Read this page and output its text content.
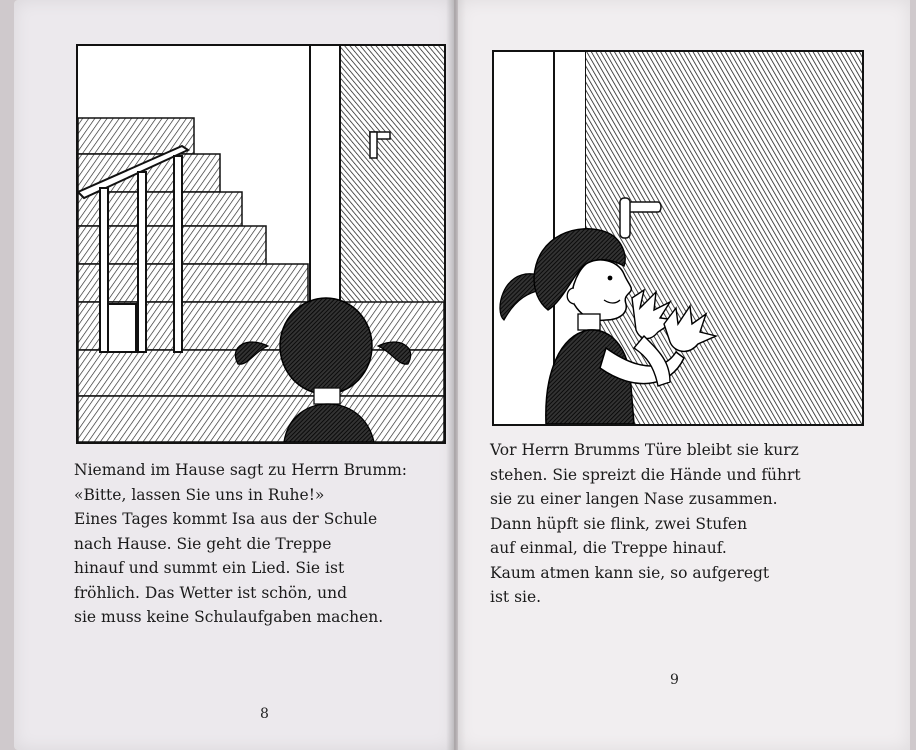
Niemand im Hause sagt zu Herrn Brumm:
«Bitte, lassen Sie uns in Ruhe!»
Eines Tages kommt Isa aus der Schule
nach Hause. Sie geht die Treppe
hinauf und summt ein Lied. Sie ist
fröhlich. Das Wetter ist schön, und
sie muss keine Schulaufgaben machen.

8

Vor Herrn Brumms Türe bleibt sie kurz
stehen. Sie spreizt die Hände und führt
sie zu einer langen Nase zusammen.
Dann hüpft sie flink, zwei Stufen
auf einmal, die Treppe hinauf.
Kaum atmen kann sie, so aufgeregt
ist sie.

9
